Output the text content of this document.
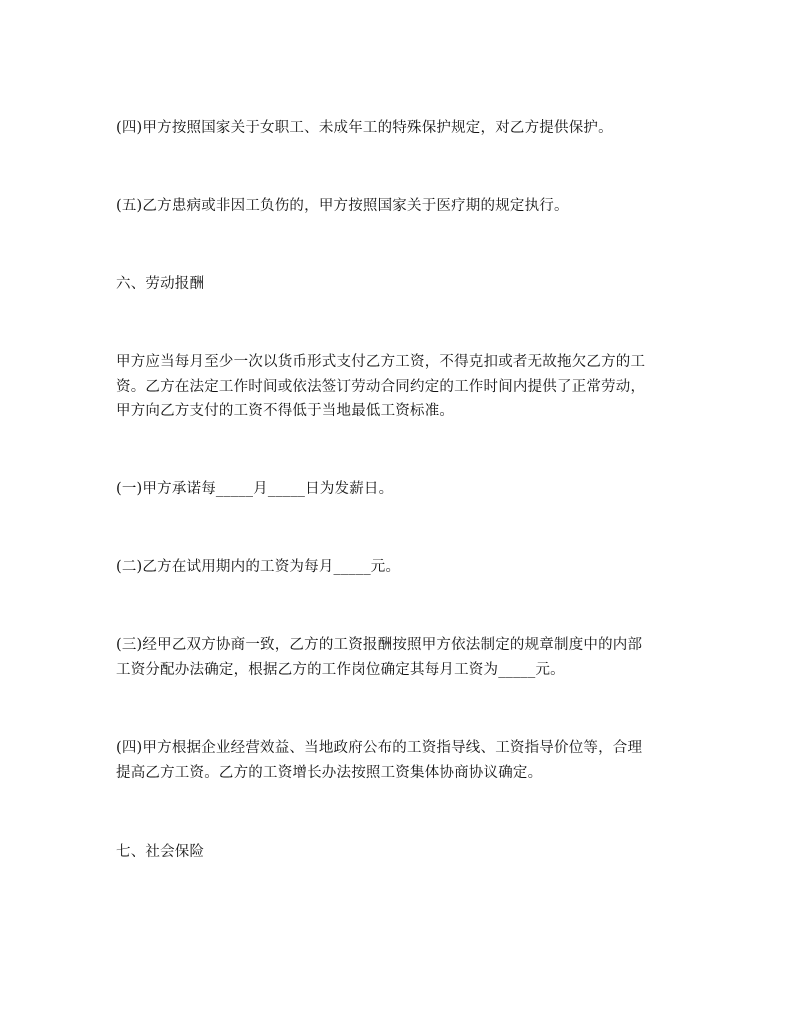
(四)甲方按照国家关于女职工、未成年工的特殊保护规定，对乙方提供保护。

(五)乙方患病或非因工负伤的，甲方按照国家关于医疗期的规定执行。

六、劳动报酬

甲方应当每月至少一次以货币形式支付乙方工资，不得克扣或者无故拖欠乙方的工
资。乙方在法定工作时间或依法签订劳动合同约定的工作时间内提供了正常劳动，
甲方向乙方支付的工资不得低于当地最低工资标准。

(一)甲方承诺每_____月_____日为发薪日。

(二)乙方在试用期内的工资为每月_____元。

(三)经甲乙双方协商一致，乙方的工资报酬按照甲方依法制定的规章制度中的内部
工资分配办法确定，根据乙方的工作岗位确定其每月工资为_____元。

(四)甲方根据企业经营效益、当地政府公布的工资指导线、工资指导价位等，合理
提高乙方工资。乙方的工资增长办法按照工资集体协商协议确定。

七、社会保险
